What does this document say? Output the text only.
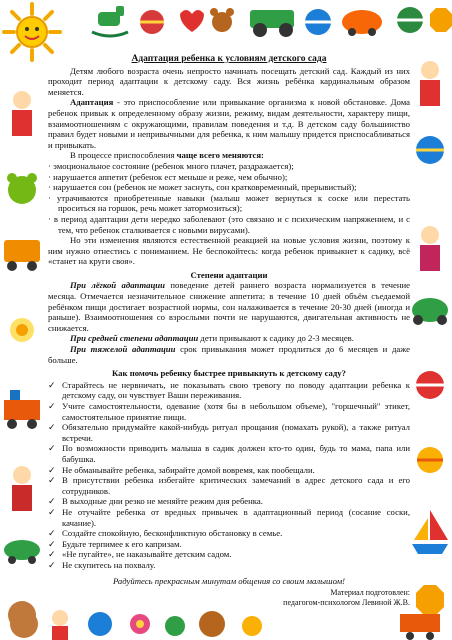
Адаптация ребенка к условиям детского сада

Детям любого возраста очень непросто начинать посещать детский сад. Каждый из них проходит период адаптации к детскому саду. Вся жизнь ребёнка кардинальным образом меняется.

Адаптация - это приспособление или привыкание организма к новой обстановке. Дома ребенок привык к определенному образу жизни, режиму, видам деятельности, характеру пищи, взаимоотношениям с окружающими, правилам поведения и т.д. В детском саду большинство правил будет новыми и непривычными для ребенка, к ним малышу придется приспосабливаться и привыкать.

В процессе приспособления чаще всего меняются:

· эмоциональное состояние (ребенок много плачет, раздражается);

· нарушается аппетит (ребенок ест меньше и реже, чем обычно);

· нарушается сон (ребенок не может заснуть, сон кратковременный, прерывистый);

· утрачиваются приобретенные навыки (малыш может вернуться к соске или перестать проситься на горшок, речь может затормозиться);

· в период адаптации дети нередко заболевают (это связано и с психическим напряжением, и с тем, что ребенок сталкивается с новыми вирусами).

Но эти изменения являются естественной реакцией на новые условия жизни, поэтому к ним нужно отнестись с пониманием. Не беспокойтесь: когда ребенок привыкнет к садику, всё «станет на круги своя».

Степени адаптации

При лёгкой адаптации поведение детей раннего возраста нормализуется в течение месяца. Отмечается незначительное снижение аппетита: в течение 10 дней объём съедаемой ребёнком пищи достигает возрастной нормы, сон налаживается в течение 20-30 дней (иногда и раньше). Взаимоотношения со взрослыми почти не нарушаются, двигательная активность не снижается.

При средней степени адаптации дети привыкают к садику до 2-3 месяцев.

При тяжелой адаптации срок привыкания может продлиться до 6 месяцев и даже больше.

Как помочь ребенку быстрее привыкнуть к детскому саду?

✓ Старайтесь не нервничать, не показывать свою тревогу по поводу адаптации ребенка к детскому саду, он чувствует Ваши переживания.
✓ Учите самостоятельности, одевание (хотя бы в небольшом объеме), "горшечный" этикет, самостоятельное принятие пищи.
✓ Обязательно придумайте какой-нибудь ритуал прощания (помахать рукой), а также ритуал встречи.
✓ По возможности приводить малыша в садик должен кто-то один, будь то мама, папа или бабушка.
✓ Не обманывайте ребенка, забирайте домой вовремя, как пообещали.
✓ В присутствии ребенка избегайте критических замечаний в адрес детского сада и его сотрудников.
✓ В выходные дни резко не меняйте режим дня ребенка.
✓ Не отучайте ребенка от вредных привычек в адаптационный период (сосание соски, качание).
✓ Создайте спокойную, бесконфликтную обстановку в семье.
✓ Будьте терпимее к его капризам.
✓ «Не пугайте», не наказывайте детским садом.
✓ Не скупитесь на похвалу.

Радуйтесь прекрасным минутам общения со своим малышом!

Материал подготовлен:
педагогом-психологом Левиной Ж.В.
